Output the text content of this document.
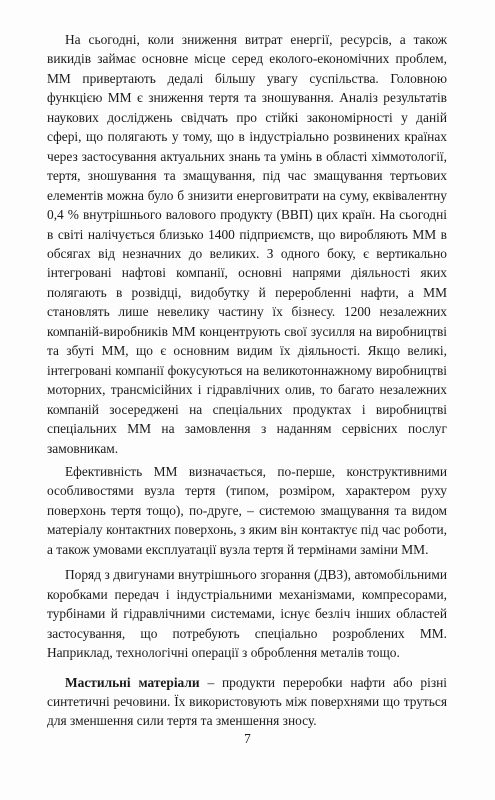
На сьогодні, коли зниження витрат енергії, ресурсів, а також викидів займає основне місце серед еколого-економічних проблем, ММ привертають дедалі більшу увагу суспільства. Головною функцією ММ є зниження тертя та зношування. Аналіз результатів наукових досліджень свідчать про стійкі закономірності у даній сфері, що полягають у тому, що в індустріально розвинених країнах через застосування актуальних знань та умінь в області хіммотології, тертя, зношування та змащування, під час змащування тертьових елементів можна було б знизити енерговитрати на суму, еквівалентну 0,4 % внутрішнього валового продукту (ВВП) цих країн. На сьогодні в світі налічується близько 1400 підприємств, що виробляють ММ в обсягах від незначних до великих. З одного боку, є вертикально інтегровані нафтові компанії, основні напрями діяльності яких полягають в розвідці, видобутку й переробленні нафти, а ММ становлять лише невелику частину їх бізнесу. 1200 незалежних компаній-виробників ММ концентрують свої зусилля на виробництві та збуті ММ, що є основним видим їх діяльності. Якщо великі, інтегровані компанії фокусуються на великотоннажному виробництві моторних, трансмісійних і гідравлічних олив, то багато незалежних компаній зосереджені на спеціальних продуктах і виробництві спеціальних ММ на замовлення з наданням сервісних послуг замовникам.

Ефективність ММ визначається, по-перше, конструктивними особливостями вузла тертя (типом, розміром, характером руху поверхонь тертя тощо), по-друге, – системою змащування та видом матеріалу контактних поверхонь, з яким він контактує під час роботи, а також умовами експлуатації вузла тертя й термінами заміни ММ.

Поряд з двигунами внутрішнього згорання (ДВЗ), автомобільними коробками передач і індустріальними механізмами, компресорами, турбінами й гідравлічними системами, існує безліч інших областей застосування, що потребують спеціально розроблених ММ. Наприклад, технологічні операції з оброблення металів тощо.

Мастильні матеріали – продукти переробки нафти або різні синтетичні речовини. Їх використовують між поверхнями що труться для зменшення сили тертя та зменшення зносу.

7
